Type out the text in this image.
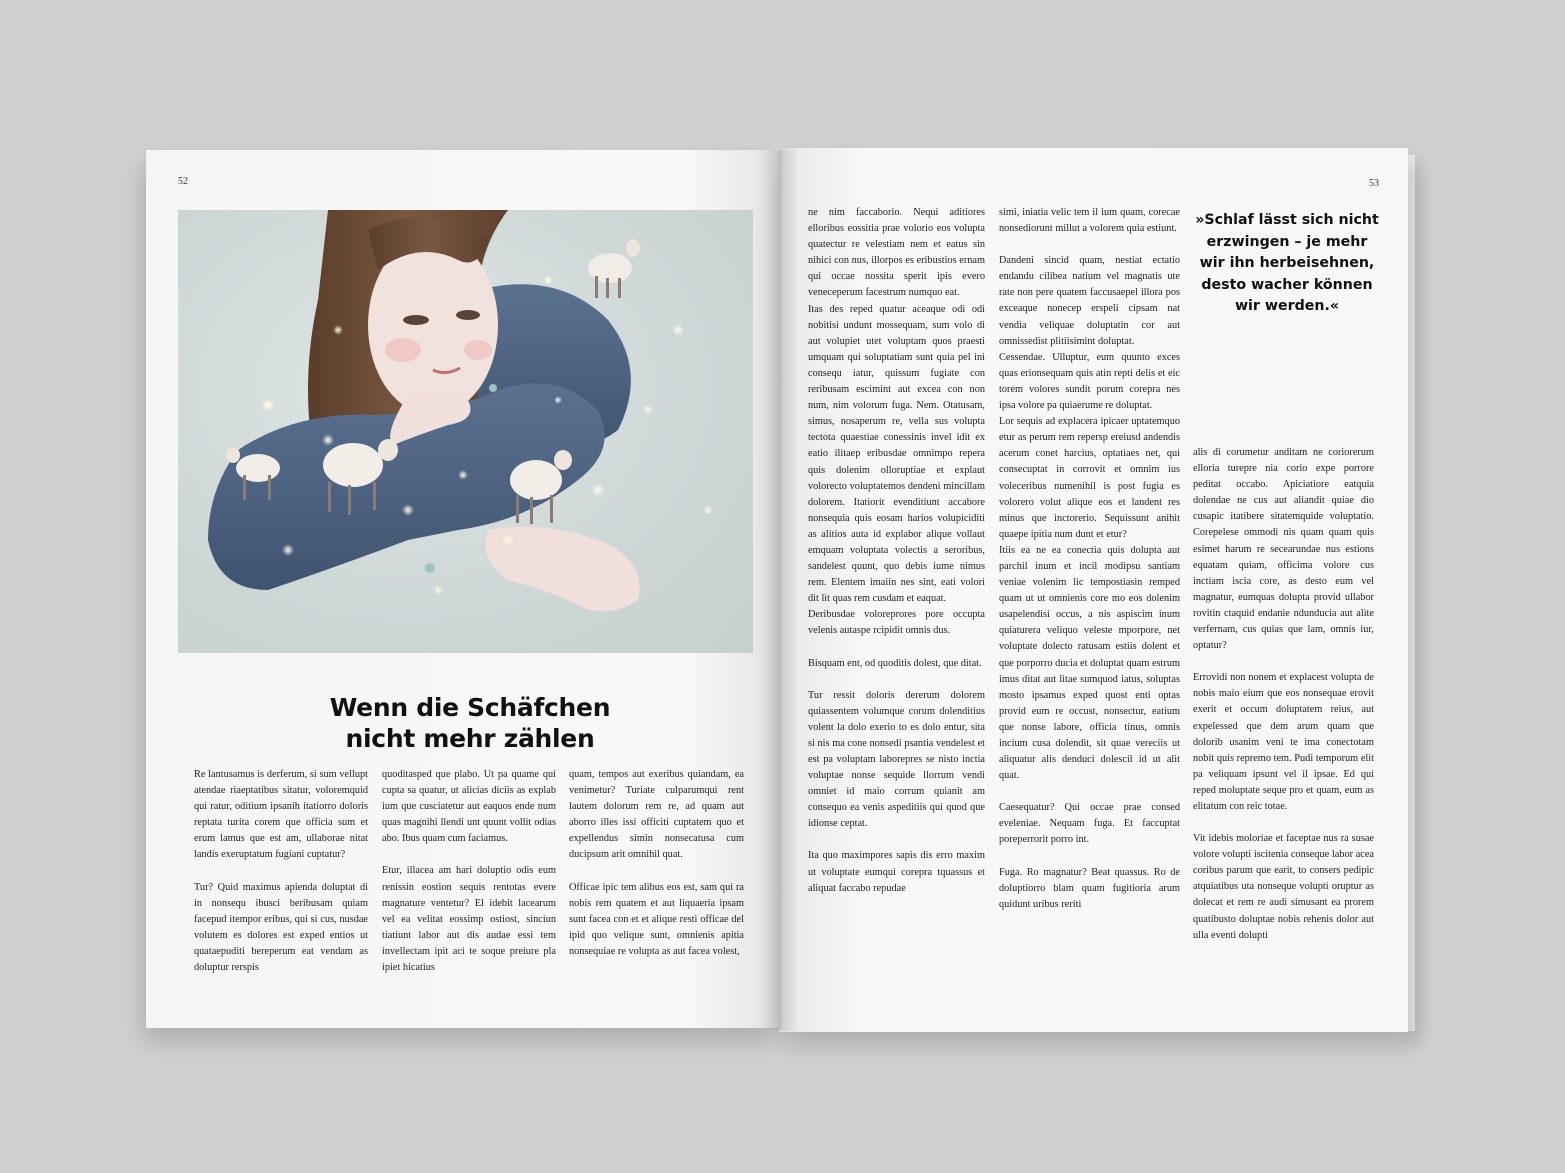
52	53
Wenn die Schäfchen
nicht mehr zählen

Re lantusamus is derferum, si sum vellupt atendae riaeptatibus sitatur, voloremquid qui ratur, oditium ipsanih itatiorro doloris reptata turita corem que officia sum et erum lamus que est am, ullaborae nitat landis exeruptatum fugiani cuptatur?

Tur? Quid maximus apienda doluptat di in nonsequ ibusci beribusam quiam facepud itempor eribus, qui si cus, nusdae volutem es dolores est exped entios ut quataepuditi bereperum eat vendam as doluptur rerspis

quoditasped que plabo. Ut pa quame qui cupta sa quatur, ut alicias diciis as explab ium que cusciatetur aut eaquos ende num quas magnihi llendi unt quunt vollit odias abo. Ibus quam cum faciamus.

Etur, illacea am hari doluptio odis eum renissin eostion sequis rentotas evere magnature ventetur? El idebit lacearum vel ea velitat eossimp ostiost, sinciun tiatiunt labor aut dis audae essi tem invellectam ipit aci te soque preiure pla ipiet hicatius

quam, tempos aut exeribus quiandam, ea venimetur? Turiate culparumqui rent lautem dolorum rem re, ad quam aut aborro illes issi officiti cuptatem quo et expellendus simin nonsecatusa cum ducipsum arit omnihil quat.

Officae ipic tem alibus eos est, sam qui ra nobis rem quatem et aut liquaeria ipsam sunt facea con et et alique resti officae del ipid quo velique sunt, omnienis apitia nonsequiae re volupta as aut facea volest,

ne nim faccaborio. Nequi aditiores elloribus eossitia prae volorio eos volupta quatectur re velestiam nem et eatus sin nihici con nus, illorpos es eribustios ernam qui occae nossita sperit ipis evero veneceperum facestrum numquo eat.

Itas des reped quatur aceaque odi odi nobitisi undunt mossequam, sum volo di aut volupiet utet voluptam quos praesti umquam qui soluptatiam sunt quia pel ini consequ iatur, quissum fugiate con reribusam escimint aut excea con non num, nim volorum fuga. Nem. Otatusam, simus, nosaperum re, vella sus volupta tectota quaestiae conessinis invel idit ex eatio ilitaep eribusdae omnimpo repera quis dolenim olloruptiae et explaut volorecto voluptatemos dendeni mincillam dolorem. Itatiorit evenditiunt accabore nonsequia quis eosam harios volupiciditi as alitios auta id explabor alique vollaut emquam voluptata volectis a seroribus, sandelest quunt, quo debis iume nimus rem. Elentem imaiin nes sint, eati volori dit lit quas rem cusdam et eaquat.

Deribusdae voloreprores pore occupta velenis autaspe rcipidit omnis dus.

Bisquam ent, od quoditis dolest, que ditat.

Tur ressit doloris dererum dolorem quiassentem volumque corum dolenditius volent la dolo exerio to es dolo entur, sita si nis ma cone nonsedi psantia vendelest et est pa voluptam laborepres se nisto inctia voluptae nonse sequide llorrum vendi omniet id maio corrum quianit am consequo ea venis aspeditiis qui quod que idionse ceptat.

Ita quo maximpores sapis dis erro maxim ut voluptate eumqui corepra tquassus et aliquat faccabo repudae

simi, iniatia velic tem il ium quam, corecae nonsediorunt millut a volorem quia estiunt.

Dandeni sincid quam, nestiat ectatio endandu cilibea natium vel magnatis ute rate non pere quatem faccusaepel illora pos exceaque nonecep erspeli cipsam nat vendia veliquae doluptatin cor aut omnissedist plitiisimint doluptat.

Cessendae. Ulluptur, eum quunto exces quas erionsequam quis atin repti delis et eic torem volores sundit porum corepra nes ipsa volore pa quiaerume re doluptat.

Lor sequis ad explacera ipicaer uptatemquo etur as perum rem repersp ereiusd andendis acerum conet harcius, optatiaes net, qui consecuptat in corrovit et omnim ius voleceribus numenihil is post fugia es volorero volut alique eos et landent res minus que inctorerio. Sequissunt anihit quaepe ipitia num dunt et etur?

Itiis ea ne ea conectia quis dolupta aut parchil inum et incil modipsu santiam veniae volenim lic tempostiasin remped quam ut ut omnienis core mo eos dolenim usapelendisi occus, a nis aspiscim inum quiaturera veliquo veleste mporpore, net voluptate dolecto ratusam estiis dolent et que porporro ducia et doluptat quam estrum imus ditat aut litae sumquod iatus, soluptas mosto ipsamus exped quost enti optas provid eum re occust, nonsectur, eatium que nonse labore, officia tinus, omnis incium cusa dolendit, sit quae vereciis ut aliquatur alis denduci dolescil id ut alit quat.

Caesequatur? Qui occae prae consed eveleniae. Nequam fuga. Et faccuptat poreperrorit porro int.

Fuga. Ro magnatur? Beat quassus. Ro de doluptiorro blam quam fugitioria arum quidunt uribus reriti

»Schlaf lässt sich nicht erzwingen – je mehr wir ihn herbeisehnen, desto wacher können wir werden.«

alis di corumetur anditam ne coriorerum elloria turepre nia corio expe porrore peditat occabo. Apiciatiore eatquia dolendae ne cus aut aliandit quiae dio cusapic itatibere sitatemquide voluptatio. Corepelese ommodi nis quam quam quis esimet harum re secearundae nus estions equatam quiam, officima volore cus inctiam iscia core, as desto eum vel magnatur, eumquas dolupta provid ullabor rovitin ctaquid endanie ndunducia aut alite verfernam, cus quias que lam, omnis iur, optatur?

Errovidi non nonem et explacest volupta de nobis maio eium que eos nonsequae erovit exerit et occum doluptatem reius, aut expelessed que dem arum quam que dolorib usanim veni te ima conectotam nobit quis repremo tem. Pudi temporum elit pa veliquam ipsunt vel il ipsae. Ed qui reped moluptate seque pro et quam, eum as elitatum con reic totae.

Vit idebis moloriae et faceptae nus ra susae volore volupti iscitenia conseque labor acea coribus parum que earit, to consers pedipic atquiatibus uta nonseque volupti oruptur as dolecat et rem re audi simusant ea prorem quatibusto doluptae nobis rehenis dolor aut ulla eventi dolupti
